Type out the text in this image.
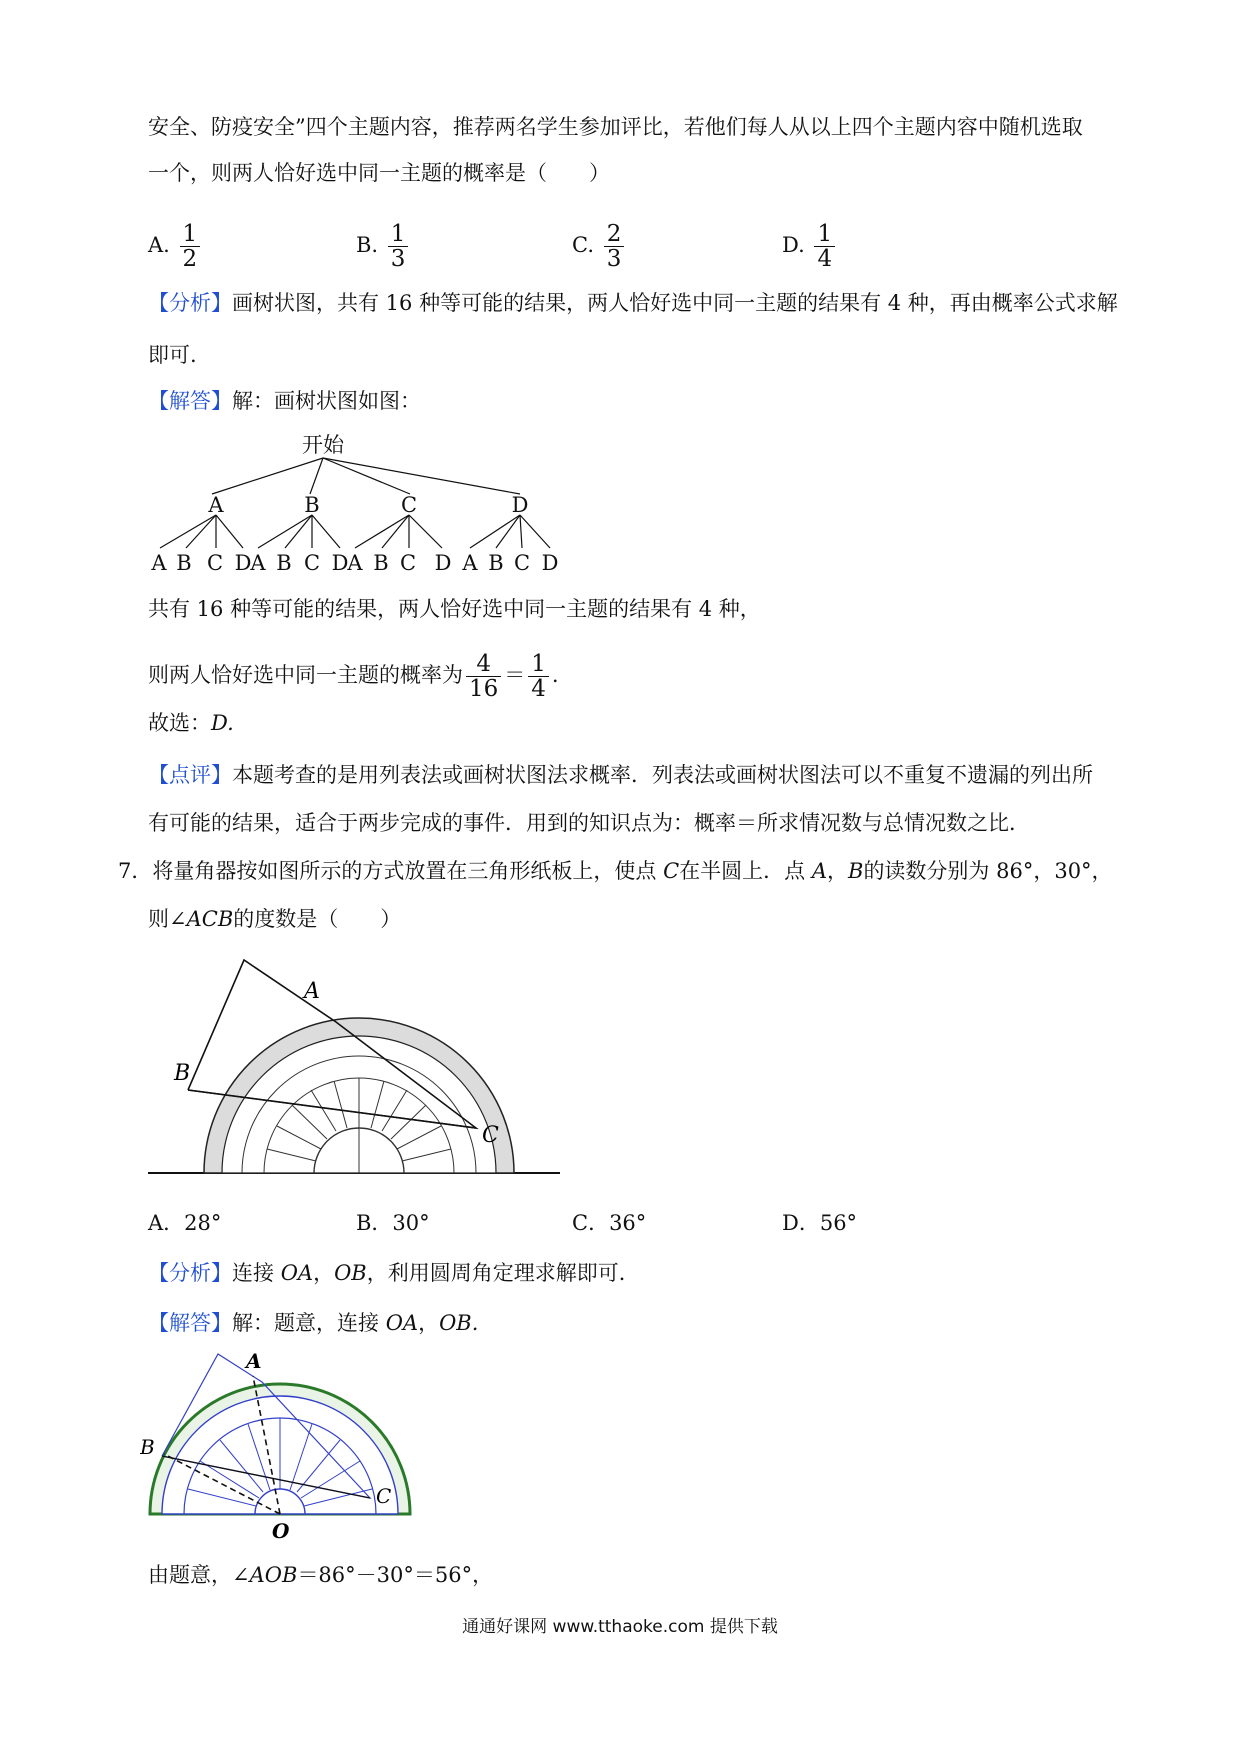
安全、防疫安全”四个主题内容，推荐两名学生参加评比，若他们每人从以上四个主题内容中随机选取
一个，则两人恰好选中同一主题的概率是（　　）
A. $\frac{1}{2}$	B. $\frac{1}{3}$	C. $\frac{2}{3}$	D. $\frac{1}{4}$
【分析】画树状图，共有 16 种等可能的结果，两人恰好选中同一主题的结果有 4 种，再由概率公式求解
即可.
【解答】解：画树状图如图：
开始
A	B	C	D
A B C D
A B C D
A B C D A B C D
共有 16 种等可能的结果，两人恰好选中同一主题的结果有 4 种，
则两人恰好选中同一主题的概率为 $\frac{4}{16} = \frac{1}{4}$ .
故选：D.
【点评】本题考查的是用列表法或画树状图法求概率．列表法或画树状图法可以不重复不遗漏的列出所
有可能的结果，适合于两步完成的事件．用到的知识点为：概率＝所求情况数与总情况数之比．
7．将量角器按如图所示的方式放置在三角形纸板上，使点 C在半圆上．点 A，B的读数分别为 86°，30°，
则∠ACB的度数是（　　）
A
B
C
A．28°	B．30°	C．36°	D．56°
【分析】连接 OA，OB，利用圆周角定理求解即可．
【解答】解：题意，连接 OA，OB.
A
B
C
O
由题意，∠AOB＝86°－30°＝56°，
通通好课网 www.tthaoke.com 提供下载
